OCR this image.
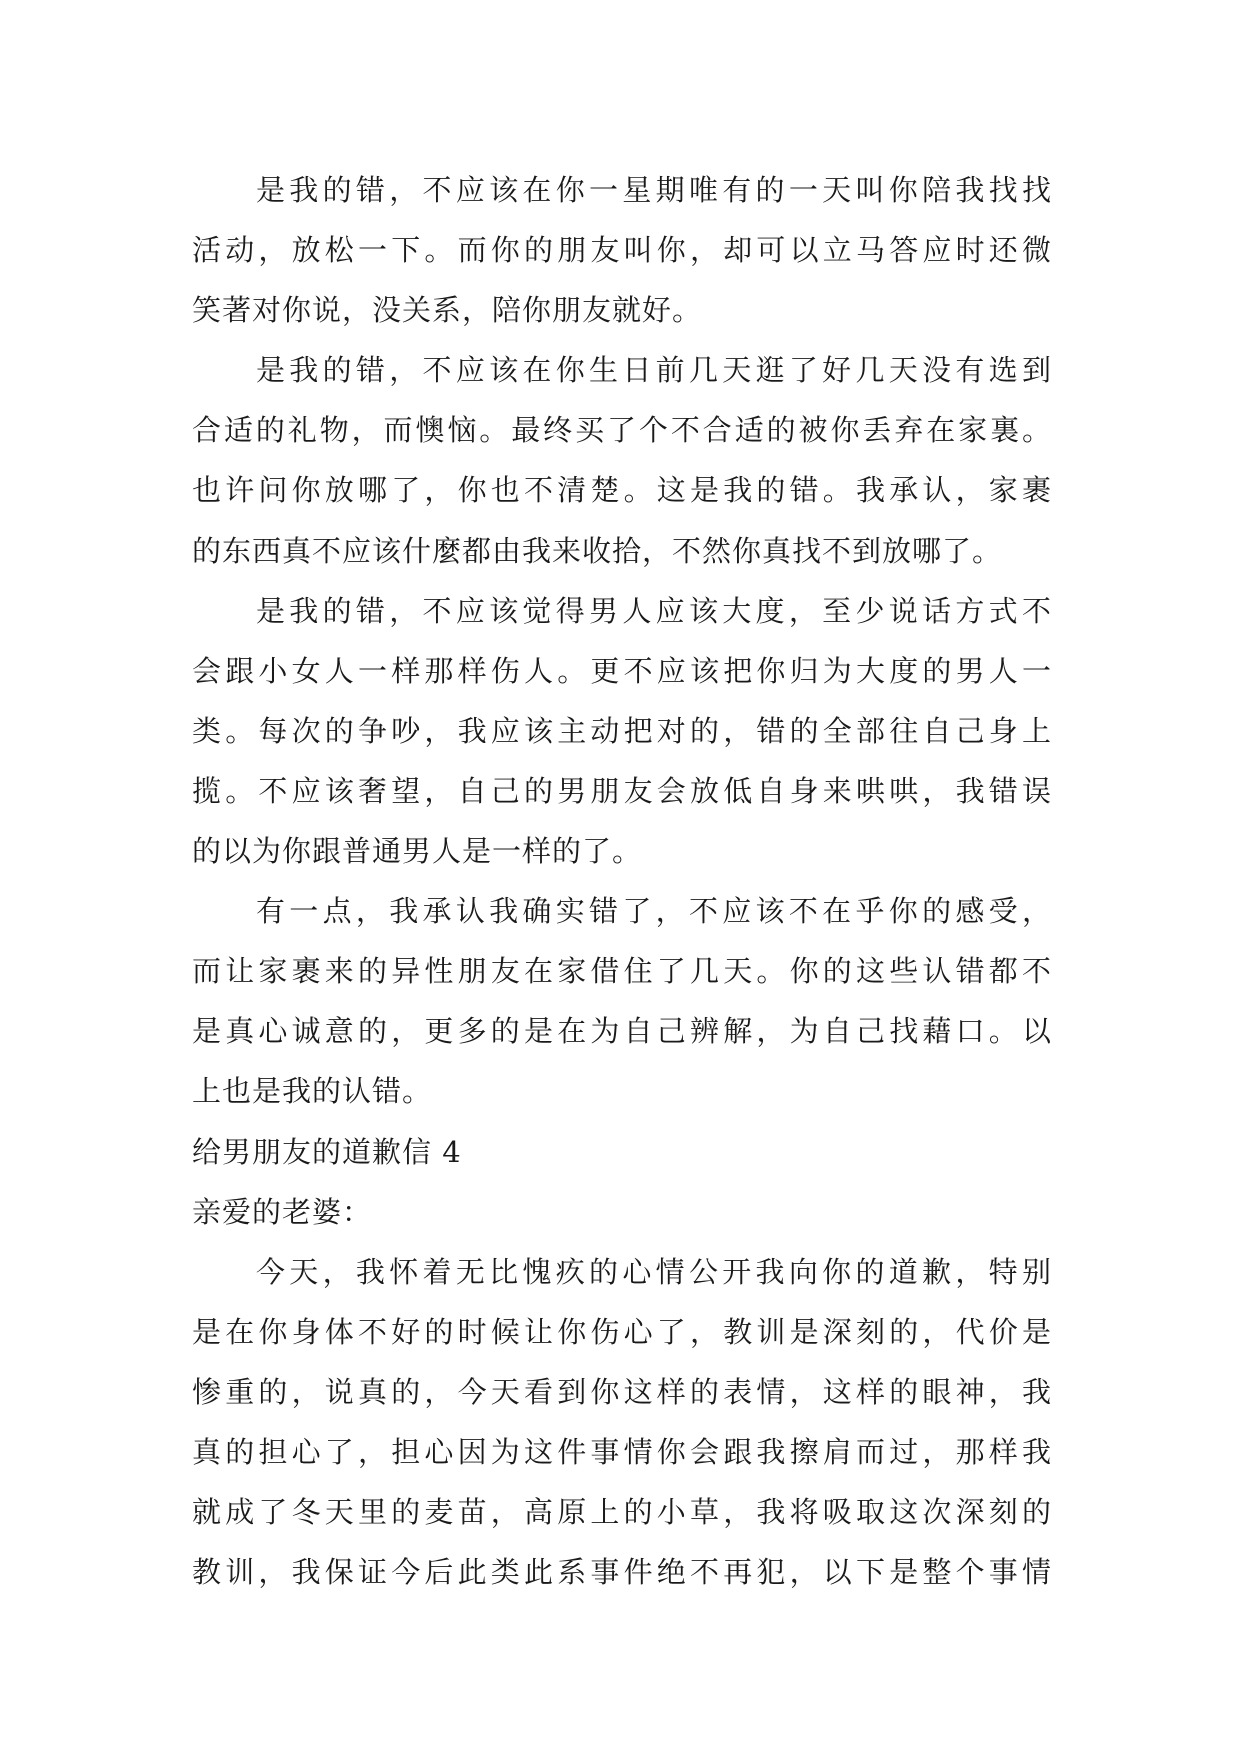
是我的错，不应该在你一星期唯有的一天叫你陪我找找
活动，放松一下。而你的朋友叫你，却可以立马答应时还微
笑著对你说，没关系，陪你朋友就好。
是我的错，不应该在你生日前几天逛了好几天没有选到
合适的礼物，而懊恼。最终买了个不合适的被你丢弃在家裏。
也许问你放哪了，你也不清楚。这是我的错。我承认，家裹
的东西真不应该什麼都由我来收拾，不然你真找不到放哪了。
是我的错，不应该觉得男人应该大度，至少说话方式不
会跟小女人一样那样伤人。更不应该把你归为大度的男人一
类。每次的争吵，我应该主动把对的，错的全部往自己身上
揽。不应该奢望，自己的男朋友会放低自身来哄哄，我错误
的以为你跟普通男人是一样的了。
有一点，我承认我确实错了，不应该不在乎你的感受，
而让家裹来的异性朋友在家借住了几天。你的这些认错都不
是真心诚意的，更多的是在为自己辨解，为自己找藉口。以
上也是我的认错。
给男朋友的道歉信 4
亲爱的老婆：
今天，我怀着无比愧疚的心情公开我向你的道歉，特别
是在你身体不好的时候让你伤心了，教训是深刻的，代价是
惨重的，说真的，今天看到你这样的表情，这样的眼神，我
真的担心了，担心因为这件事情你会跟我擦肩而过，那样我
就成了冬天里的麦苗，高原上的小草，我将吸取这次深刻的
教训，我保证今后此类此系事件绝不再犯，以下是整个事情
